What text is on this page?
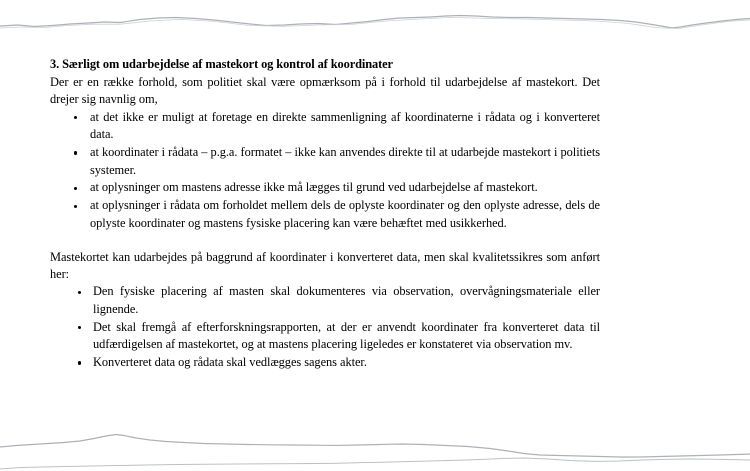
3. Særligt om udarbejdelse af mastekort og kontrol af koordinater

Der er en række forhold, som politiet skal være opmærksom på i forhold til udarbejdelse af mastekort. Det drejer sig navnlig om,

at det ikke er muligt at foretage en direkte sammenligning af koordinaterne i rådata og i konverteret data.
at koordinater i rådata – p.g.a. formatet – ikke kan anvendes direkte til at udarbejde mastekort i politiets systemer.
at oplysninger om mastens adresse ikke må lægges til grund ved udarbejdelse af mastekort.
at oplysninger i rådata om forholdet mellem dels de oplyste koordinater og den oplyste adresse, dels de oplyste koordinater og mastens fysiske placering kan være behæftet med usikkerhed.

Mastekortet kan udarbejdes på baggrund af koordinater i konverteret data, men skal kvalitetssikres som anført her:

Den fysiske placering af masten skal dokumenteres via observation, overvågningsmateriale eller lignende.
Det skal fremgå af efterforskningsrapporten, at der er anvendt koordinater fra konverteret data til udfærdigelsen af mastekortet, og at mastens placering ligeledes er konstateret via observation mv.
Konverteret data og rådata skal vedlægges sagens akter.
